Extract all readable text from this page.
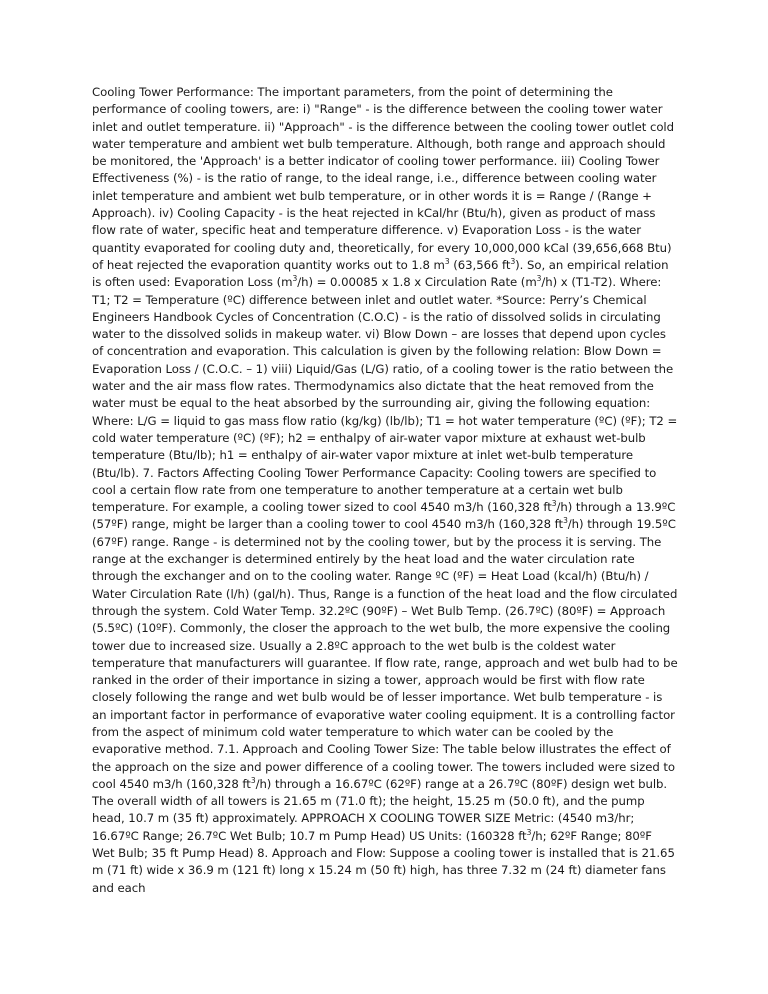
Cooling Tower Performance: The important parameters, from the point of determining the performance of cooling towers, are: i) "Range" - is the difference between the cooling tower water inlet and outlet temperature. ii) "Approach" - is the difference between the cooling tower outlet cold water temperature and ambient wet bulb temperature. Although, both range and approach should be monitored, the 'Approach' is a better indicator of cooling tower performance. iii) Cooling Tower Effectiveness (%) - is the ratio of range, to the ideal range, i.e., difference between cooling water inlet temperature and ambient wet bulb temperature, or in other words it is = Range / (Range + Approach). iv) Cooling Capacity - is the heat rejected in kCal/hr (Btu/h), given as product of mass flow rate of water, specific heat and temperature difference. v) Evaporation Loss - is the water quantity evaporated for cooling duty and, theoretically, for every 10,000,000 kCal (39,656,668 Btu) of heat rejected the evaporation quantity works out to 1.8 $m^3$ (63,566 $ft^3$). So, an empirical relation is often used: Evaporation Loss $(m^3/h) = 0.00085$ x 1.8 x Circulation Rate $(m^3/h)$ x (T1-T2). Where: T1; T2 = Temperature (ºC) difference between inlet and outlet water. *Source: Perry’s Chemical Engineers Handbook Cycles of Concentration (C.O.C) - is the ratio of dissolved solids in circulating water to the dissolved solids in makeup water. vi) Blow Down – are losses that depend upon cycles of concentration and evaporation. This calculation is given by the following relation: Blow Down = Evaporation Loss / (C.O.C. – 1) viii) Liquid/Gas (L/G) ratio, of a cooling tower is the ratio between the water and the air mass flow rates. Thermodynamics also dictate that the heat removed from the water must be equal to the heat absorbed by the surrounding air, giving the following equation: Where: L/G = liquid to gas mass flow ratio (kg/kg) (lb/lb); T1 = hot water temperature (ºC) (ºF); T2 = cold water temperature (ºC) (ºF); h2 = enthalpy of air-water vapor mixture at exhaust wet-bulb temperature (Btu/lb); h1 = enthalpy of air-water vapor mixture at inlet wet-bulb temperature (Btu/lb). 7. Factors Affecting Cooling Tower Performance Capacity: Cooling towers are specified to cool a certain flow rate from one temperature to another temperature at a certain wet bulb temperature. For example, a cooling tower sized to cool 4540 m3/h (160,328 $ft^3/h$) through a 13.9ºC (57ºF) range, might be larger than a cooling tower to cool 4540 m3/h (160,328 $ft^3/h$) through 19.5ºC (67ºF) range. Range - is determined not by the cooling tower, but by the process it is serving. The range at the exchanger is determined entirely by the heat load and the water circulation rate through the exchanger and on to the cooling water. Range ºC (ºF) = Heat Load (kcal/h) (Btu/h) / Water Circulation Rate (l/h) (gal/h). Thus, Range is a function of the heat load and the flow circulated through the system. Cold Water Temp. 32.2ºC (90ºF) – Wet Bulb Temp. (26.7ºC) (80ºF) = Approach (5.5ºC) (10ºF). Commonly, the closer the approach to the wet bulb, the more expensive the cooling tower due to increased size. Usually a 2.8ºC approach to the wet bulb is the coldest water temperature that manufacturers will guarantee. If flow rate, range, approach and wet bulb had to be ranked in the order of their importance in sizing a tower, approach would be first with flow rate closely following the range and wet bulb would be of lesser importance. Wet bulb temperature - is an important factor in performance of evaporative water cooling equipment. It is a controlling factor from the aspect of minimum cold water temperature to which water can be cooled by the evaporative method. 7.1. Approach and Cooling Tower Size: The table below illustrates the effect of the approach on the size and power difference of a cooling tower. The towers included were sized to cool 4540 m3/h (160,328 $ft^3/h$) through a 16.67ºC (62ºF) range at a 26.7ºC (80ºF) design wet bulb. The overall width of all towers is 21.65 m (71.0 ft); the height, 15.25 m (50.0 ft), and the pump head, 10.7 m (35 ft) approximately. APPROACH X COOLING TOWER SIZE Metric: (4540 m3/hr; 16.67ºC Range; 26.7ºC Wet Bulb; 10.7 m Pump Head) US Units: (160328 $ft^3/h$; 62ºF Range; 80ºF Wet Bulb; 35 ft Pump Head) 8. Approach and Flow: Suppose a cooling tower is installed that is 21.65 m (71 ft) wide x 36.9 m (121 ft) long x 15.24 m (50 ft) high, has three 7.32 m (24 ft) diameter fans and each
